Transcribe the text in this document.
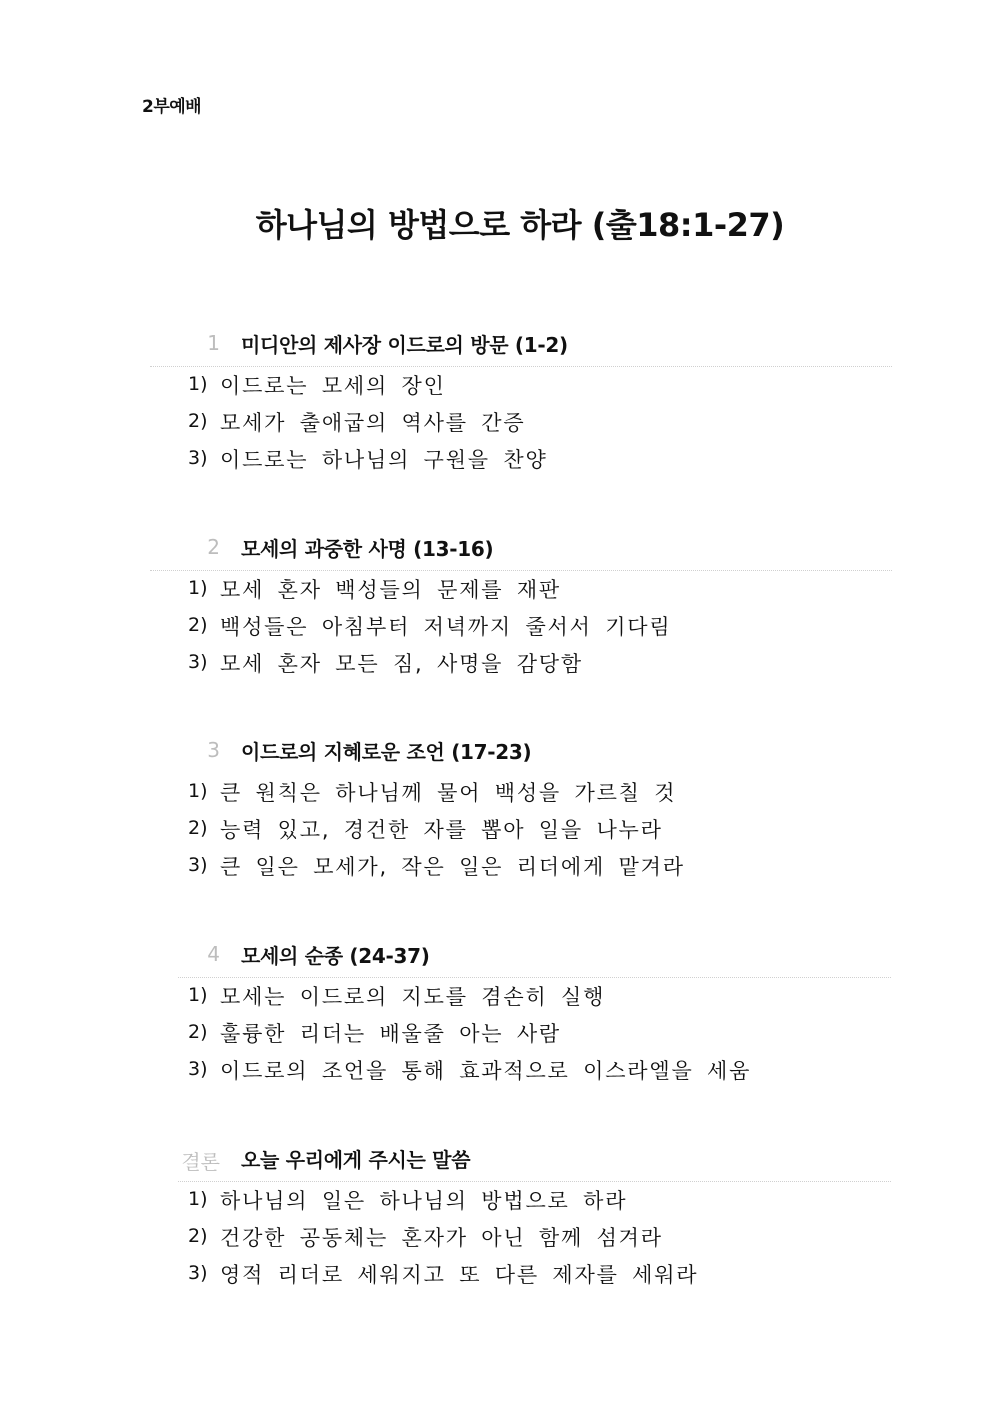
2부예배
하나님의 방법으로 하라 (출18:1-27)
1 미디안의 제사장 이드로의 방문 (1-2)
1) 이드로는 모세의 장인
2) 모세가 출애굽의 역사를 간증
3) 이드로는 하나님의 구원을 찬양
2 모세의 과중한 사명 (13-16)
1) 모세 혼자 백성들의 문제를 재판
2) 백성들은 아침부터 저녁까지 줄서서 기다림
3) 모세 혼자 모든 짐, 사명을 감당함
3 이드로의 지혜로운 조언 (17-23)
1) 큰 원칙은 하나님께 물어 백성을 가르칠 것
2) 능력 있고, 경건한 자를 뽑아 일을 나누라
3) 큰 일은 모세가, 작은 일은 리더에게 맡겨라
4 모세의 순종 (24-37)
1) 모세는 이드로의 지도를 겸손히 실행
2) 훌륭한 리더는 배울줄 아는 사람
3) 이드로의 조언을 통해 효과적으로 이스라엘을 세움
결론 오늘 우리에게 주시는 말씀
1) 하나님의 일은 하나님의 방법으로 하라
2) 건강한 공동체는 혼자가 아닌 함께 섬겨라
3) 영적 리더로 세워지고 또 다른 제자를 세워라
